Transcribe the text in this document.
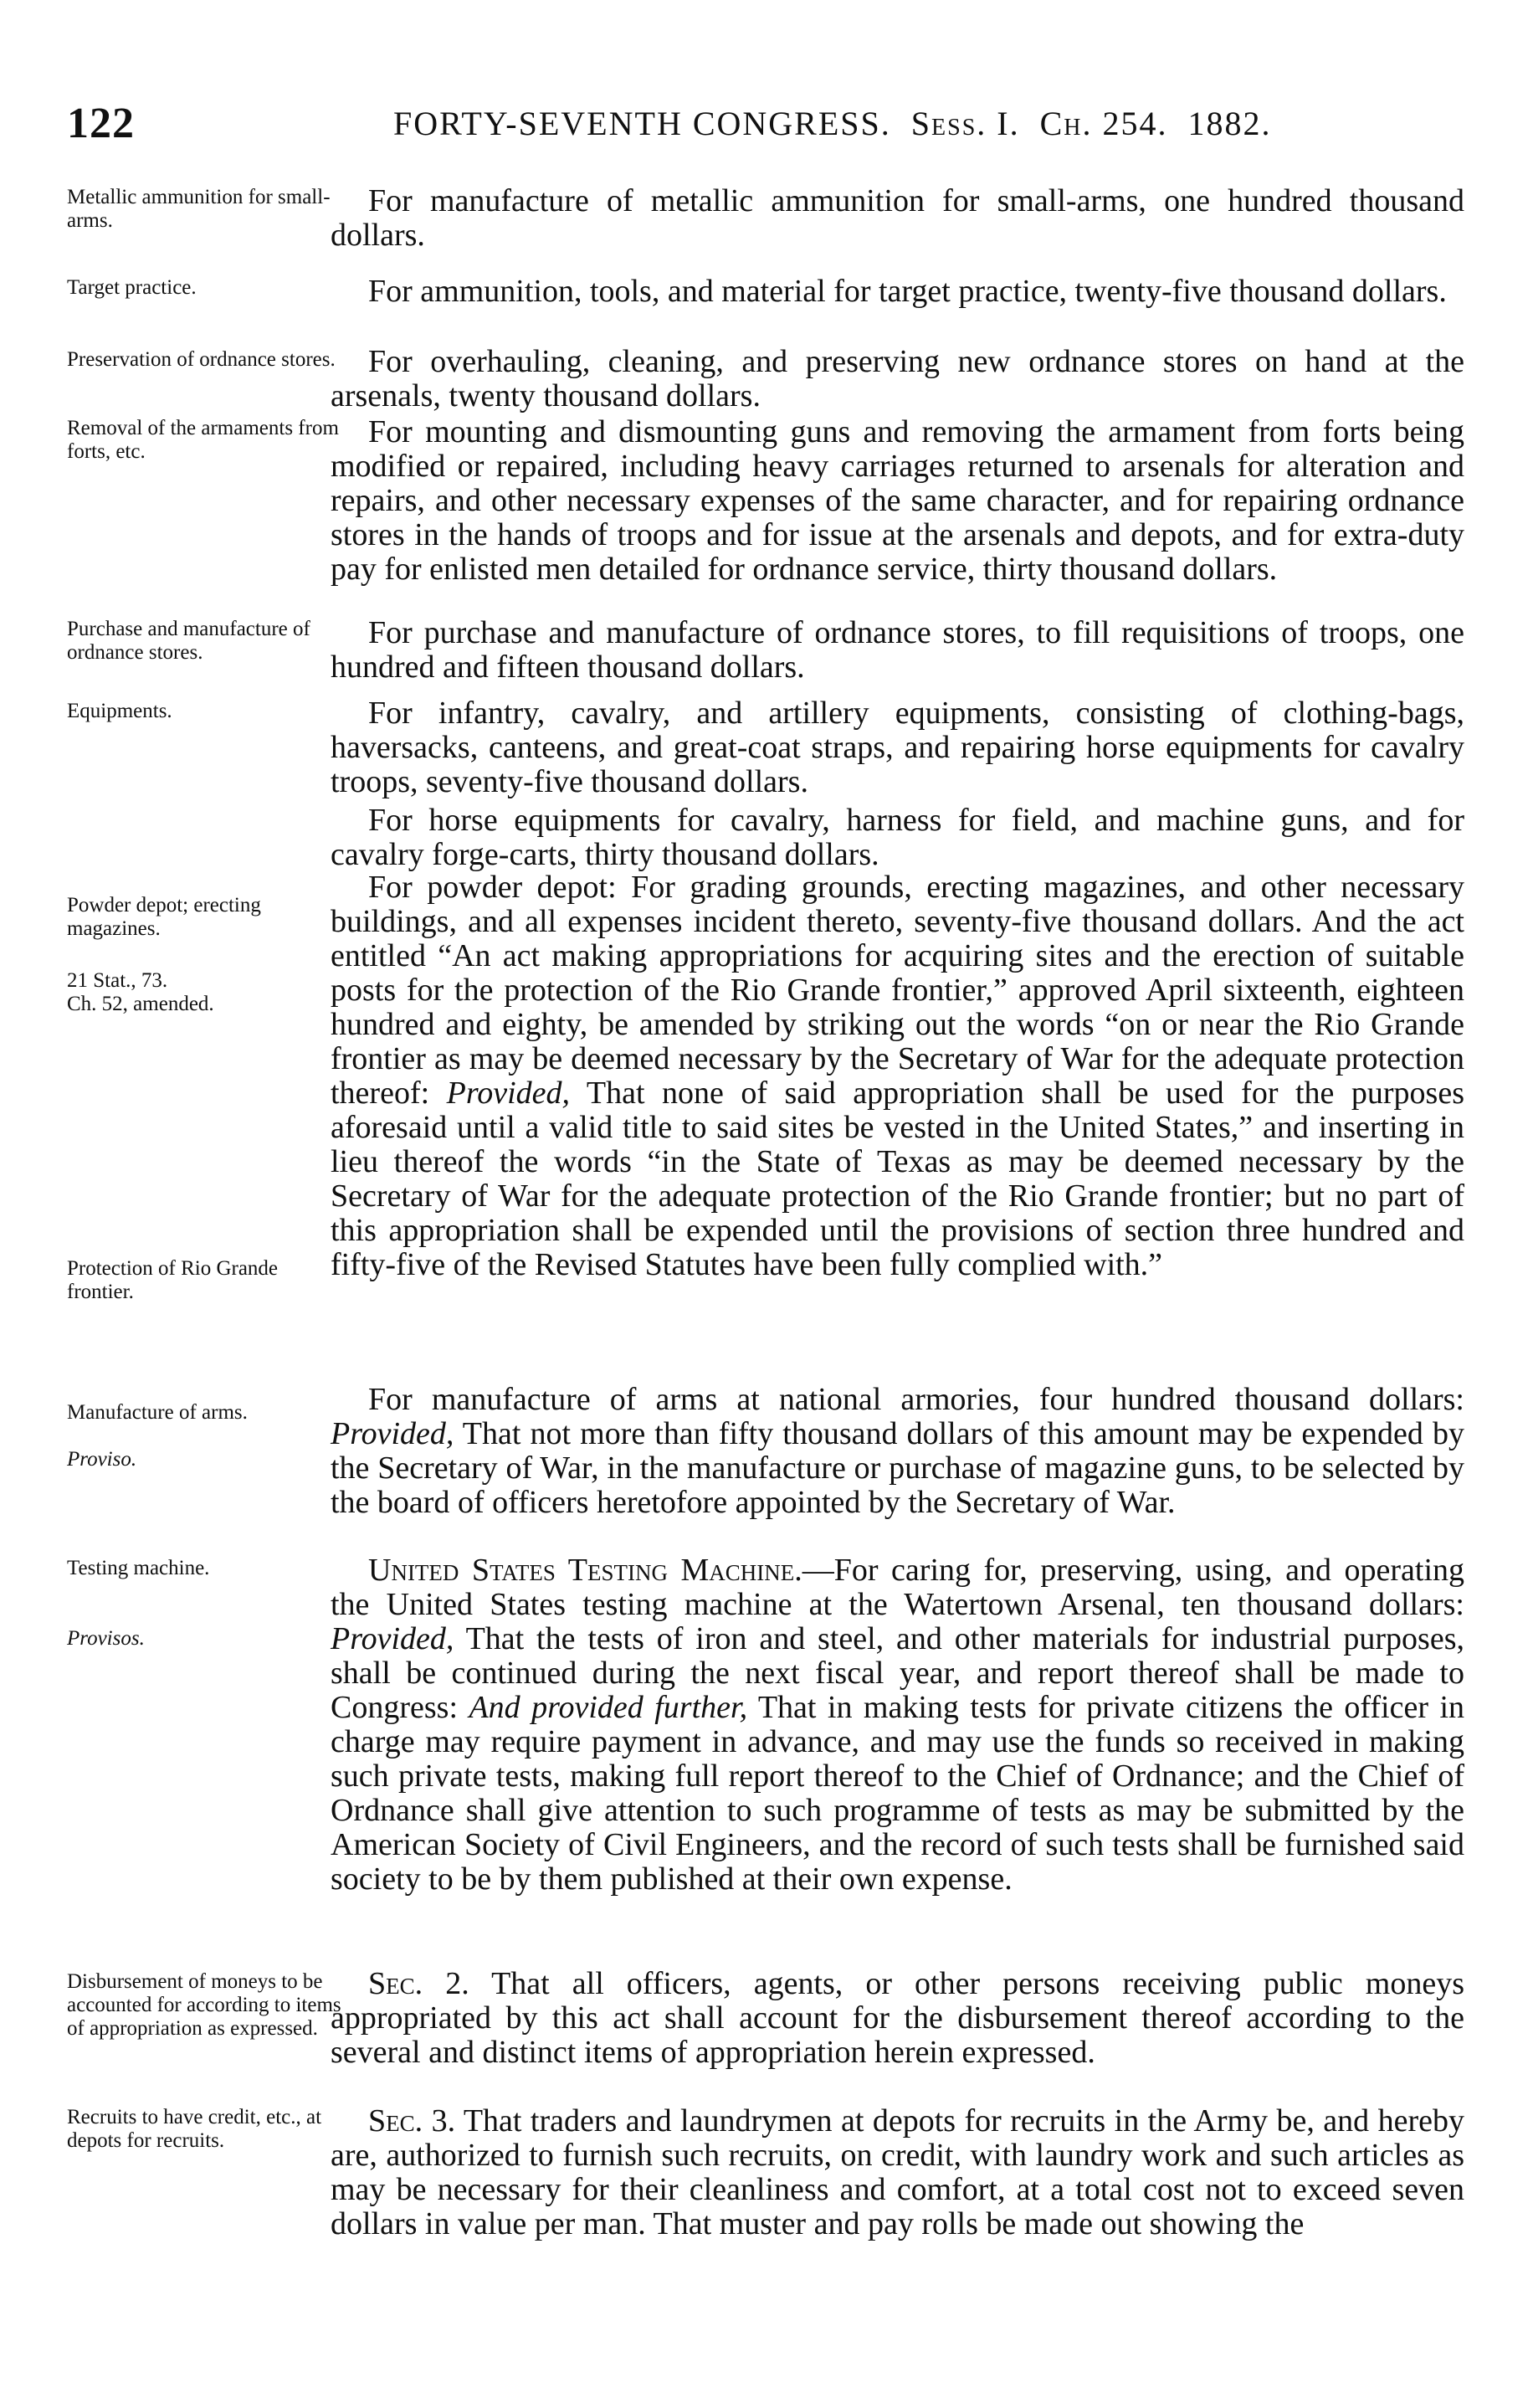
122	FORTY-SEVENTH CONGRESS. Sess. I. Ch. 254. 1882.
Metallic ammunition for small-arms.
Target practice.
Preservation of ordnance stores.
Removal of the armaments from forts, etc.
Purchase and manufacture of ordnance stores.
Equipments.
Powder depot; erecting magazines.
21 Stat., 73.
Ch. 52, amended.
Protection of Rio Grande frontier.
Manufacture of arms.
Proviso.
Testing machine.
Provisos.
Disbursement of moneys to be accounted for according to items of appropriation as expressed.
Recruits to have credit, etc., at depots for recruits.

For manufacture of metallic ammunition for small-arms, one hundred thousand dollars.

For ammunition, tools, and material for target practice, twenty-five thousand dollars.

For overhauling, cleaning, and preserving new ordnance stores on hand at the arsenals, twenty thousand dollars.

For mounting and dismounting guns and removing the armament from forts being modified or repaired, including heavy carriages returned to arsenals for alteration and repairs, and other necessary expenses of the same character, and for repairing ordnance stores in the hands of troops and for issue at the arsenals and depots, and for extra-duty pay for enlisted men detailed for ordnance service, thirty thousand dollars.

For purchase and manufacture of ordnance stores, to fill requisitions of troops, one hundred and fifteen thousand dollars.

For infantry, cavalry, and artillery equipments, consisting of clothing-bags, haversacks, canteens, and great-coat straps, and repairing horse equipments for cavalry troops, seventy-five thousand dollars.

For horse equipments for cavalry, harness for field, and machine guns, and for cavalry forge-carts, thirty thousand dollars.

For powder depot: For grading grounds, erecting magazines, and other necessary buildings, and all expenses incident thereto, seventy-five thousand dollars. And the act entitled “An act making appropriations for acquiring sites and the erection of suitable posts for the protection of the Rio Grande frontier,” approved April sixteenth, eighteen hundred and eighty, be amended by striking out the words “on or near the Rio Grande frontier as may be deemed necessary by the Secretary of War for the adequate protection thereof: Provided, That none of said appropriation shall be used for the purposes aforesaid until a valid title to said sites be vested in the United States,” and inserting in lieu thereof the words “in the State of Texas as may be deemed necessary by the Secretary of War for the adequate protection of the Rio Grande frontier; but no part of this appropriation shall be expended until the provisions of section three hundred and fifty-five of the Revised Statutes have been fully complied with.”

For manufacture of arms at national armories, four hundred thousand dollars: Provided, That not more than fifty thousand dollars of this amount may be expended by the Secretary of War, in the manufacture or purchase of magazine guns, to be selected by the board of officers heretofore appointed by the Secretary of War.

United States Testing Machine.—For caring for, preserving, using, and operating the United States testing machine at the Watertown Arsenal, ten thousand dollars: Provided, That the tests of iron and steel, and other materials for industrial purposes, shall be continued during the next fiscal year, and report thereof shall be made to Congress: And provided further, That in making tests for private citizens the officer in charge may require payment in advance, and may use the funds so received in making such private tests, making full report thereof to the Chief of Ordnance; and the Chief of Ordnance shall give attention to such programme of tests as may be submitted by the American Society of Civil Engineers, and the record of such tests shall be furnished said society to be by them published at their own expense.

Sec. 2. That all officers, agents, or other persons receiving public moneys appropriated by this act shall account for the disbursement thereof according to the several and distinct items of appropriation herein expressed.

Sec. 3. That traders and laundrymen at depots for recruits in the Army be, and hereby are, authorized to furnish such recruits, on credit, with laundry work and such articles as may be necessary for their cleanliness and comfort, at a total cost not to exceed seven dollars in value per man. That muster and pay rolls be made out showing the
